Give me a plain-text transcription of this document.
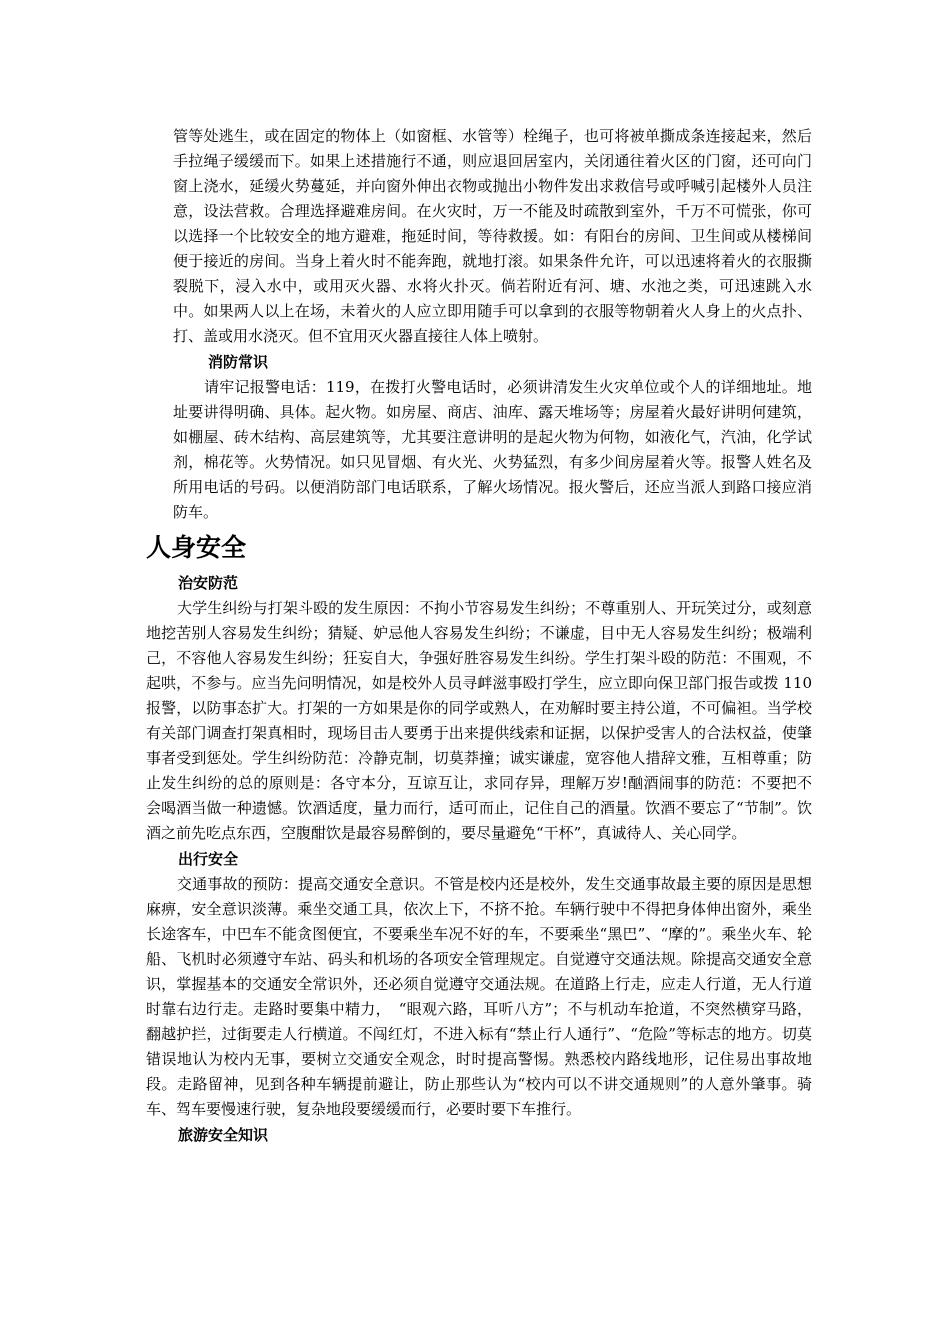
管等处逃生，或在固定的物体上（如窗框、水管等）栓绳子，也可将被单撕成条连接起来，然后手拉绳子缓缓而下。如果上述措施行不通，则应退回居室内，关闭通往着火区的门窗，还可向门窗上浇水，延缓火势蔓延，并向窗外伸出衣物或抛出小物件发出求救信号或呼喊引起楼外人员注意，设法营救。合理选择避难房间。在火灾时，万一不能及时疏散到室外，千万不可慌张，你可以选择一个比较安全的地方避难，拖延时间，等待救援。如：有阳台的房间、卫生间或从楼梯间便于接近的房间。当身上着火时不能奔跑，就地打滚。如果条件允许，可以迅速将着火的衣服撕裂脱下，浸入水中，或用灭火器、水将火扑灭。倘若附近有河、塘、水池之类，可迅速跳入水中。如果两人以上在场，未着火的人应立即用随手可以拿到的衣服等物朝着火人身上的火点扑、打、盖或用水浇灭。但不宜用灭火器直接往人体上喷射。

消防常识

请牢记报警电话：119，在拨打火警电话时，必须讲清发生火灾单位或个人的详细地址。地址要讲得明确、具体。起火物。如房屋、商店、油库、露天堆场等；房屋着火最好讲明何建筑，如棚屋、砖木结构、高层建筑等，尤其要注意讲明的是起火物为何物，如液化气，汽油，化学试剂，棉花等。火势情况。如只见冒烟、有火光、火势猛烈，有多少间房屋着火等。报警人姓名及所用电话的号码。以便消防部门电话联系，了解火场情况。报火警后，还应当派人到路口接应消防车。

人身安全

治安防范

大学生纠纷与打架斗殴的发生原因：不拘小节容易发生纠纷；不尊重别人、开玩笑过分，或刻意地挖苦别人容易发生纠纷；猜疑、妒忌他人容易发生纠纷；不谦虚，目中无人容易发生纠纷；极端利己，不容他人容易发生纠纷；狂妄自大，争强好胜容易发生纠纷。学生打架斗殴的防范：不围观，不起哄，不参与。应当先问明情况，如是校外人员寻衅滋事殴打学生，应立即向保卫部门报告或拨 110 报警，以防事态扩大。打架的一方如果是你的同学或熟人，在劝解时要主持公道，不可偏袒。当学校有关部门调查打架真相时，现场目击人要勇于出来提供线索和证据，以保护受害人的合法权益，使肇事者受到惩处。学生纠纷防范：冷静克制，切莫莽撞；诚实谦虚，宽容他人措辞文雅，互相尊重；防止发生纠纷的总的原则是：各守本分，互谅互让，求同存异，理解万岁!酗酒闹事的防范：不要把不会喝酒当做一种遗憾。饮酒适度，量力而行，适可而止，记住自己的酒量。饮酒不要忘了“节制”。饮酒之前先吃点东西，空腹酣饮是最容易醉倒的，要尽量避免“干杯”，真诚待人、关心同学。

出行安全

交通事故的预防：提高交通安全意识。不管是校内还是校外，发生交通事故最主要的原因是思想麻痹，安全意识淡薄。乘坐交通工具，依次上下，不挤不抢。车辆行驶中不得把身体伸出窗外，乘坐长途客车，中巴车不能贪图便宜，不要乘坐车况不好的车，不要乘坐“黑巴”、“摩的”。乘坐火车、轮船、飞机时必须遵守车站、码头和机场的各项安全管理规定。自觉遵守交通法规。除提高交通安全意识，掌握基本的交通安全常识外，还必须自觉遵守交通法规。在道路上行走，应走人行道，无人行道时靠右边行走。走路时要集中精力，　“眼观六路，耳听八方”；不与机动车抢道，不突然横穿马路，翻越护拦，过街要走人行横道。不闯红灯，不进入标有“禁止行人通行”、“危险”等标志的地方。切莫错误地认为校内无事，要树立交通安全观念，时时提高警惕。熟悉校内路线地形，记住易出事故地段。走路留神，见到各种车辆提前避让，防止那些认为“校内可以不讲交通规则”的人意外肇事。骑车、驾车要慢速行驶，复杂地段要缓缓而行，必要时要下车推行。

旅游安全知识
